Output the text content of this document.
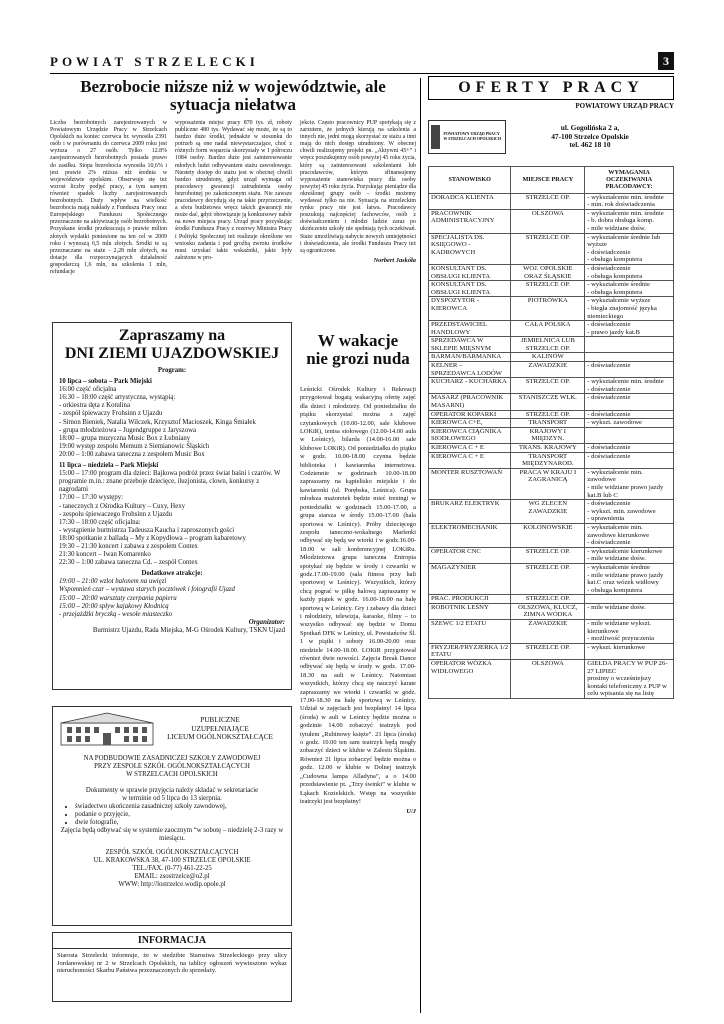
POWIAT STRZELECKI	3
Bezrobocie niższe niż w województwie, ale sytuacja niełatwa
Liczba bezrobotnych zarejestrowanych w Powiatowym Urzędzie Pracy w Strzelcach Opolskich na koniec czerwca br. wynosiła 2391 osób i w porównaniu do czerwca 2009 roku jest wyższa o 27 osób. Tylko 12.8% zarejestrowanych bezrobotnych posiada prawo do zasiłku. Stopa bezrobocia wynosiła 10,6% i jest prawie 2% niższa niż średnia w województwie opolskim. Obserwuje się też wzrost liczby podjęć pracy, a tym samym również spadek liczby zarejestrowanych bezrobotnych. Duży wpływ na wielkość bezrobocia mają nakłady z Funduszu Pracy oraz Europejskiego Funduszu Społecznego przeznaczone na aktywizację osób bezrobotnych. Pozyskane środki przekraczają o prawie milion złotych wydatki poniesione na ten cel w 2009 roku i wynoszą 6,5 mln złotych. Środki te są przeznaczane na staże - 2,28 mln złotych, na dotacje dla rozpoczynających działalność gospodarczą 1,6 mln, na szkolenia 1 mln, refundacje
wyposażenia miejsc pracy 870 tys. zł, roboty publiczne 480 tys. Wydawać się może, że są to bardzo duże środki, jednakże w stosunku do potrzeb są one nadal niewystarczające, choć z różnych form wsparcia skorzystały w I półroczu 1084 osoby. Bardzo duże jest zainteresowanie młodych ludzi odbywaniem stażu zawodowego. Niestety dostęp do stażu jest w obecnej chwili bardzo utrudniony, gdyż urząd wymaga od pracodawcy gwarancji zatrudnienia osoby bezrobotnej po zakończonym stażu. Nie zawsze pracodawcy decydują się na takie przyrzeczenie, a sfera budżetowa wręcz takich gwarancji nie może dać, gdyż obowiązuje ją konkursowy nabór na nowe miejsca pracy. Urząd pracy pozyskując środki Funduszu Pracy z rezerwy Ministra Pracy i Polityki Społecznej też realizuje określone we wniosku zadania i pod groźbą zwrotu środków musi uzyskać takie wskaźniki, jakie były założone w pro-
jekcie. Często pracownicy PUP spotykają się z zarzutem, że jednych kierują na szkolenia a innych nie, jedni mogą skorzystać ze stażu a inni mają do nich dostęp utrudniony. W obecnej chwili realizujemy projekt pn. „Aktywni 45+” i wręcz poszukujemy osób powyżej 45 roku życia, który są zainteresowani szkoleniami lub pracodawców, którym sfinansujemy wyposażenie stanowiska pracy dla osoby powyżej 45 roku życia. Pozyskując pieniądze dla określonej grupy osób – środki możemy wydawać tylko na nie. Sytuacja na strzeleckim rynku pracy nie jest łatwa. Pracodawcy poszukują najczęściej fachowców, osób z doświadczeniem i młodzi ludzie zaraz po ukończeniu szkoły nie spełniają tych oczekiwań. Staże umożliwiają nabycie nowych umiejętności i doświadczenia, ale środki Funduszu Pracy też są ograniczone.
Norbert Jaskóła
Zapraszamy na
DNI ZIEMI UJAZDOWSKIEJ

Program:

10 lipca – sobota – Park Miejski

16:00 część oficjalna

16:30 – 18:00 część artystyczna, wystąpią:

- orkiestra dęta z Kotulina

- zespół śpiewaczy Frohsinn z Ujazdu

- Simon Bieniek, Natalia Wilczek, Krzysztof Macioszek, Kinga Śmiałek

- grupa młodzieżowa – Jugendgruppe z Jaryszowa

18:00 – grupa muzyczna Music Box z Łubniany

19:00 występ zespołu Memum z Siemianowic Śląskich

20:00 – 1:00 zabawa taneczna z zespołem Music Box

11 lipca – niedziela – Park Miejski

15:00 – 17:00 program dla dzieci: Bajkowa podróż przez świat baśni i czarów. W programie m.in.: znane przeboje dziecięce, iluzjonista, clown, konkursy z nagrodami

17:00 – 17:30 występy:

- tanecznych z Ośrodka Kultury – Cuxy, Hexy

- zespołu śpiewaczego Frohsinn z Ujazdu

17:30 – 18:00 część oficjalna:

- wystąpienie burmistrza Tadeusza Kaucha i zaproszonych gości

18:00 spotkanie z balladą – My z Kopydłowa – program kabaretowy

19:30 – 21:30 koncert i zabawa z zespołem Contex

21:30 koncert – Iwan Komarenko

22:30 – 1:00 zabawa taneczna Cd. – zespół Contex

Dodatkowe atrakcje:

19:00 – 21:00 wzlot balonem na uwięzi

Wspomnień czar – wystawa starych pocztówek i fotografii Ujazd

15:00 – 20:00 warsztaty czerpania papieru

15:00 – 20:00 spływ kajakowy Kłodnicą

- przejażdżki bryczką - wesołe miasteczko

Organizator:

Burmistrz Ujazdu, Rada Miejska, M-G Ośrodek Kultury, TSKN Ujazd

PUBLICZNE
UZUPEŁNIAJĄCE
LICEUM OGÓLNOKSZTAŁCĄCE

NA PODBUDOWIE ZASADNICZEJ SZKOŁY ZAWODOWEJ

PRZY ZESPOLE SZKÓŁ OGÓLNOKSZTAŁCĄCYCH

W STRZELCACH OPOLSKICH

Dokumenty w sprawie przyjęcia należy składać w sekretariacie

w terminie od 5 lipca do 13 sierpnia.

• świadectwo ukończenia zasadniczej szkoły zawodowej,
• podanie o przyjęcie,
• dwie fotografie,

Zajęcia będą odbywać się w systemie zaocznym “w sobotę – niedzielę 2-3 razy w miesiącu.

ZESPÓŁ SZKÓŁ OGÓLNOKSZTAŁCĄCYCH

UL. KRAKOWSKA 38, 47-100 STRZELCE OPOLSKIE

TEL./FAX. (0-77) 461-22-25

EMAIL: zsostrzelce@o2.pl

WWW: http://lostrzelce.wodip.opole.pl

INFORMACJA
Starosta Strzelecki informuje, że w siedzibie Starostwa Strzeleckiego przy ulicy Jordanowskiej nr 2 w Strzelcach Opolskich, na tablicy ogłoszeń wywieszono wykaz nieruchomości Skarbu Państwa przeznaczonych do sprzedaży.
W wakacje
nie grozi nuda
Leśnicki Ośrodek Kultury i Rekreacji przygotował bogatą wakacyjną ofertę zajęć dla dzieci i młodzieży. Od poniedziałku do piątku skorzystać można z zajęć czytankowych (10.00-12.00, sale klubowe LOKiR), tenisa stołowego (12.00-14.00 aula w Leśnicy), bilarda (14.00-16.00 sale klubowe LOKiR). Od poniedziałku do piątku w godz. 10.00-18.00 czynna będzie biblioteka i kawiarenka internetowa. Codziennie w godzinach 10.00-18.00 zapraszamy na kąpielisko miejskie i do kawiarenki (ul. Porębska, Leśnica). Grupa młodsza mażoretek będzie mieć treningi w poniedziałki w godzinach 15.00-17.00, a grupa starsza w środy 15.00-17.00 (hala sportowa w Leśnicy). Próby dziecięcego zespołu taneczno-wokalnego Marlenki odbywać się będą we wtorki i w godz.16.00-18.00 w sali konferencyjnej LOKiRu. Młodzieżowa grupa taneczna Entropia spotykać się będzie w środy i czwartki w godz.17.00-19.00 (sala fitness przy hali sportowej w Leśnicy). Wszystkich, którzy chcą pograć w piłkę halową zapraszamy w każdy piątek w godz. 16.00-18.00 na halę sportową w Leśnicy. Gry i zabawy dla dzieci i młodzieży, telewizja, karaoke, filmy – to wszystko odbywać się będzie w Domu Spotkań DFK w Leśnicy, ul. Powstańców Śl. 1 w piątki i soboty 16.00-20.00 oraz niedziele 14.00-18.00. LOKiR przygotował również dwie nowości. Zajęcia Break Dance odbywać się będą w środy w godz. 17.00-18.30 na auli w Leśnicy. Natomiast wszystkich, którzy chcą się nauczyć karate zapraszamy we wtorki i czwartki w godz. 17.00-18.30 na halę sportową w Leśnicy. Udział w zajęciach jest bezpłatny! 14 lipca (środa) w auli w Leśnicy będzie można o godzinie 14.00 zobaczyć teatrzyk pod tytułem „Rubinowy księże”. 21 lipca (środa) o godz. 10.00 ten sam teatrzyk będą mogły zobaczyć dzieci w klubie w Zalesiu Śląskim. Również 21 lipca zobaczyć będzie można o godz. 12.00 w klubie w Dolnej teatrzyk „Cudowna lampa Alladyna”, a o 14.00 przedstawienie pt. „Trzy świnki” w klubie w Łąkach Kozielskich. Wstęp na wszystkie teatrzyki jest bezpłatny!
U/J
OFERTY PRACY
POWIATOWY URZĄD PRACY
POWIATOWY URZĄD PRACY W STRZELCACH OPOLSKICH
ul. Gogolińska 2 a,
47-100 Strzelce Opolskie
tel. 462 18 10
STANOWISKO	MIEJSCE PRACY	WYMAGANIA OCZEKIWANIA PRACODAWCY:
DORADCA KLIENTA	STRZELCE OP.	- wykształcenie min. średnie
- min. rok doświadczenia
PRACOWNIK ADMINISTRACYJNY	OLSZOWA	- wykształcenie min. średnie
- b. dobra obsługa komp.
- mile widziane dośw.
SPECJALISTA DS. KSIĘGOWO -KADROWYCH	STRZELCE OP.	- wykształcenie średnie lub wyższe
- doświadczenie
- obsługa komputera
KONSULTANT DS. OBSŁUGI KLIENTA	WOJ. OPOLSKIE ORAZ ŚLĄSKIE	- doświadczenie
- obsługa komputera
KONSULTANT DS. OBSŁUGI KLIENTA	STRZELCE OP.	- wykształcenie średnie
- obsługa komputera
DYSPOZYTOR - KIEROWCA	PIOTRÓWKA	- wykształcenie wyższe
- biegła znajomość języka niemieckiego
PRZEDSTAWICIEL HANDLOWY	CAŁA POLSKA	- doświadczenie
- prawo jazdy kat.B
SPRZEDAWCA W SKLEPIE MIĘSNYM	JEMIELNICA LUB STRZELCE OP.	
BARMAN/BARMANKA	KALINÓW	
KELNER – SPRZEDAWCA LODÓW	ZAWADZKIE	- doświadczenie
KUCHARZ - KUCHARKA	STRZELCE OP.	- wykształcenie min. średnie
- doświadczenie
MASARZ (PRACOWNIK MASARNI)	STANISZCZE WLK.	- doświadczenie
OPERATOR KOPARKI	STRZELCE OP.	- doświadczenie
KIEROWCA C+E,	TRANSPORT	- wykszt. zawodowe
KIEROWCA CIĄGNIKA SIODŁOWEGO	KRAJOWY I MIĘDZYN.	
KIEROWCA C + E	TRANS. KRAJOWY	- doświadczenie
KIEROWCA C + E	TRANSPORT MIĘDZYNAROD.	- doświadczenie
MONTER RUSZTOWAŃ	PRACA W KRAJU I ZAGRANICĄ	- wykształcenie min. zawodowe
- mile widziane prawo jazdy kat.B lub C
BRUKARZ ELEKTRYK	WG ZLECEŃ ZAWADZKIE	- doświadczenie
- wykszt. min. zawodowe
- uprawnienia
ELEKTROMECHANIK	KOLONOWSKIE	- wykształcenie min. zawodowe kierunkowe
- doświadczenie
OPERATOR CNC	STRZELCE OP.	- wykształcenie kierunkowe
- mile widziane dośw.
MAGAZYNIER	STRZELCE OP.	- wykształcenie średnie
- mile widziane prawo jazdy kat.C oraz wózek widłowy
- obsługa komputera
PRAC. PRODUKCJI	STRZELCE OP.	
ROBOTNIK LEŚNY	OLSZOWA, KLUCZ, ZIMNA WÓDKA	- mile widziane dośw.
SZEWC 1/2 ETATU	ZAWADZKIE	- mile widziane wykszt. kierunkowe
- możliwość przyuczenia
FRYZJER/FRYZJERKA 1/2 ETATU	STRZELCE OP.	- wykszt. kierunkowe
OPERATOR WÓZKA WIDŁOWEGO	OLSZOWA	GIEŁDA PRACY W PUP 26-27 LIPIEC
prosimy o wcześniejszy kontakt telefoniczny z PUP w celu wpisania się na listę
